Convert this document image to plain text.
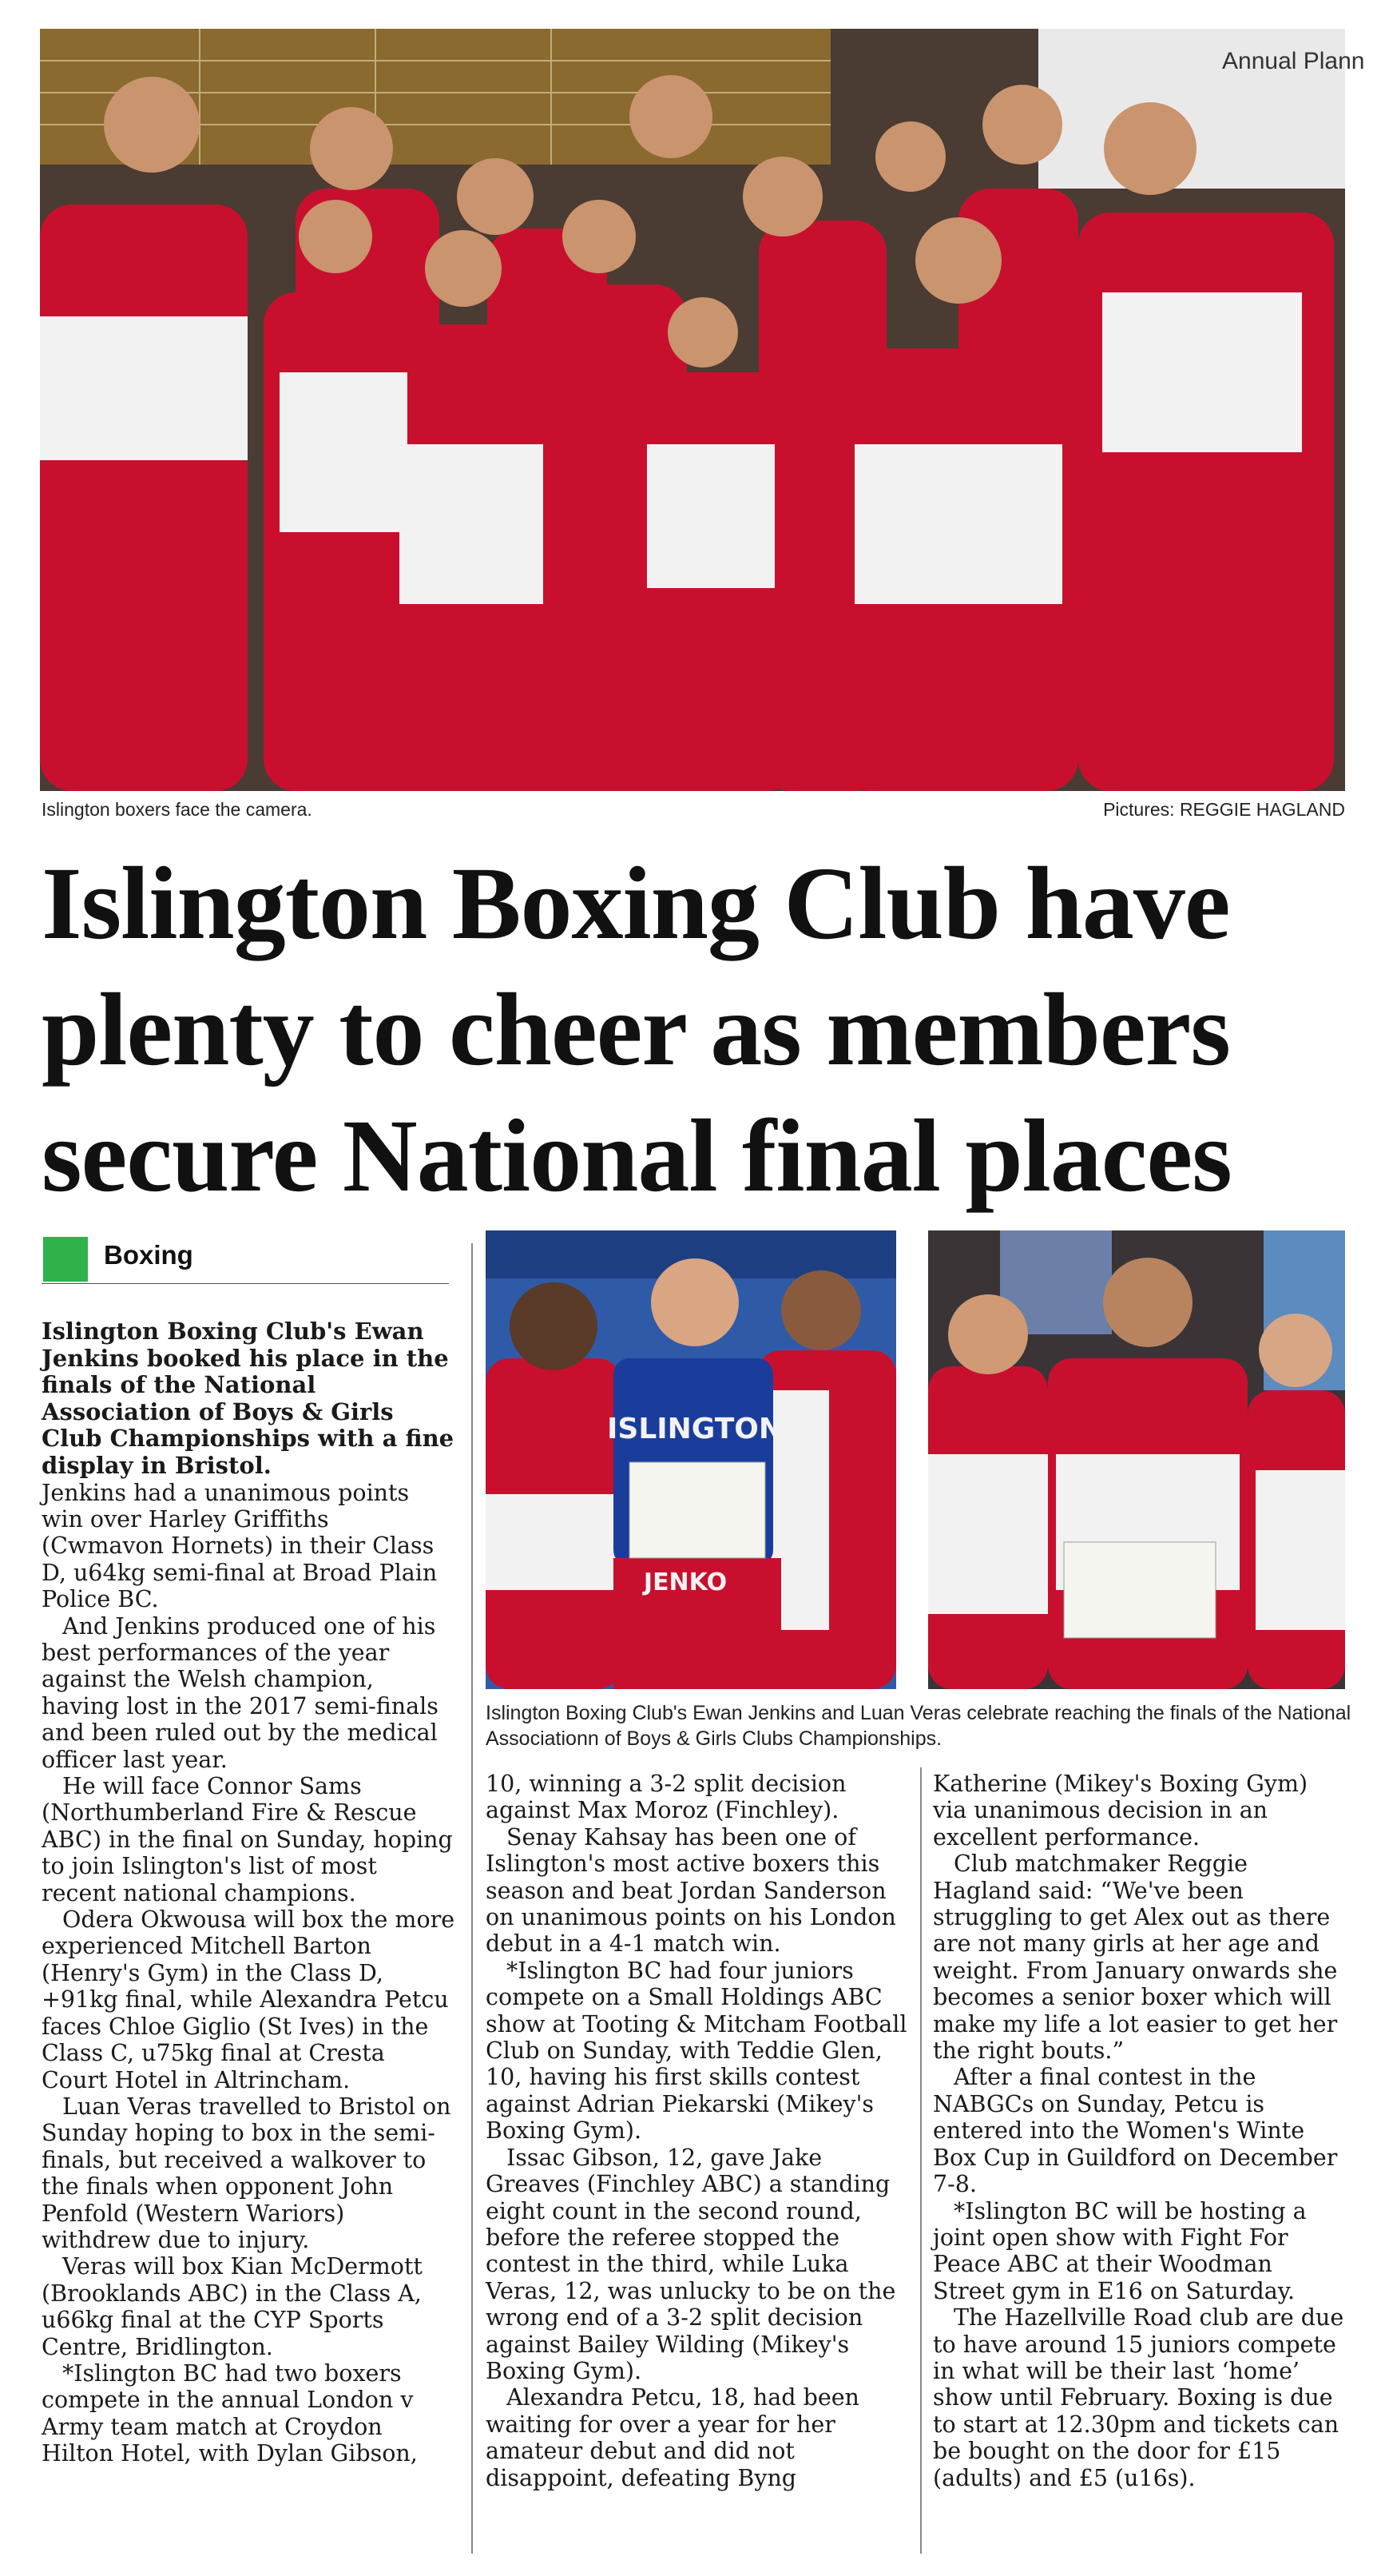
Annual Plann
Islington boxers face the camera.	Pictures: REGGIE HAGLAND
Islington Boxing Club have
plenty to cheer as members
secure National final places
Boxing

Islington Boxing Club's Ewan Jenkins booked his place in the finals of the National Association of Boys & Girls Club Championships with a fine display in Bristol.

Jenkins had a unanimous points win over Harley Griffiths (Cwmavon Hornets) in their Class D, u64kg semi-final at Broad Plain Police BC.

And Jenkins produced one of his best performances of the year against the Welsh champion, having lost in the 2017 semi-finals and been ruled out by the medical officer last year.

He will face Connor Sams (Northumberland Fire & Rescue ABC) in the final on Sunday, hoping to join Islington's list of most recent national champions.

Odera Okwousa will box the more experienced Mitchell Barton (Henry's Gym) in the Class D, +91kg final, while Alexandra Petcu faces Chloe Giglio (St Ives) in the Class C, u75kg final at Cresta Court Hotel in Altrincham.

Luan Veras travelled to Bristol on Sunday hoping to box in the semi-finals, but received a walkover to the finals when opponent John Penfold (Western Wariors) withdrew due to injury.

Veras will box Kian McDermott (Brooklands ABC) in the Class A, u66kg final at the CYP Sports Centre, Bridlington.

*Islington BC had two boxers compete in the annual London v Army team match at Croydon Hilton Hotel, with Dylan Gibson,

ISLINGTON
JENKO
Islington Boxing Club's Ewan Jenkins and Luan Veras celebrate reaching the finals of the National Associationn of Boys & Girls Clubs Championships.

10, winning a 3-2 split decision against Max Moroz (Finchley).

Senay Kahsay has been one of Islington's most active boxers this season and beat Jordan Sanderson on unanimous points on his London debut in a 4-1 match win.

*Islington BC had four juniors compete on a Small Holdings ABC show at Tooting & Mitcham Football Club on Sunday, with Teddie Glen, 10, having his first skills contest against Adrian Piekarski (Mikey's Boxing Gym).

Issac Gibson, 12, gave Jake Greaves (Finchley ABC) a standing eight count in the second round, before the referee stopped the contest in the third, while Luka Veras, 12, was unlucky to be on the wrong end of a 3-2 split decision against Bailey Wilding (Mikey's Boxing Gym).

Alexandra Petcu, 18, had been waiting for over a year for her amateur debut and did not disappoint, defeating Byng

Katherine (Mikey's Boxing Gym) via unanimous decision in an excellent performance.

Club matchmaker Reggie Hagland said: “We've been struggling to get Alex out as there are not many girls at her age and weight. From January onwards she becomes a senior boxer which will make my life a lot easier to get her the right bouts.”

After a final contest in the NABGCs on Sunday, Petcu is entered into the Women's Winte Box Cup in Guildford on December 7-8.

*Islington BC will be hosting a joint open show with Fight For Peace ABC at their Woodman Street gym in E16 on Saturday.

The Hazellville Road club are due to have around 15 juniors compete in what will be their last ‘home’ show until February. Boxing is due to start at 12.30pm and tickets can be bought on the door for £15 (adults) and £5 (u16s).
